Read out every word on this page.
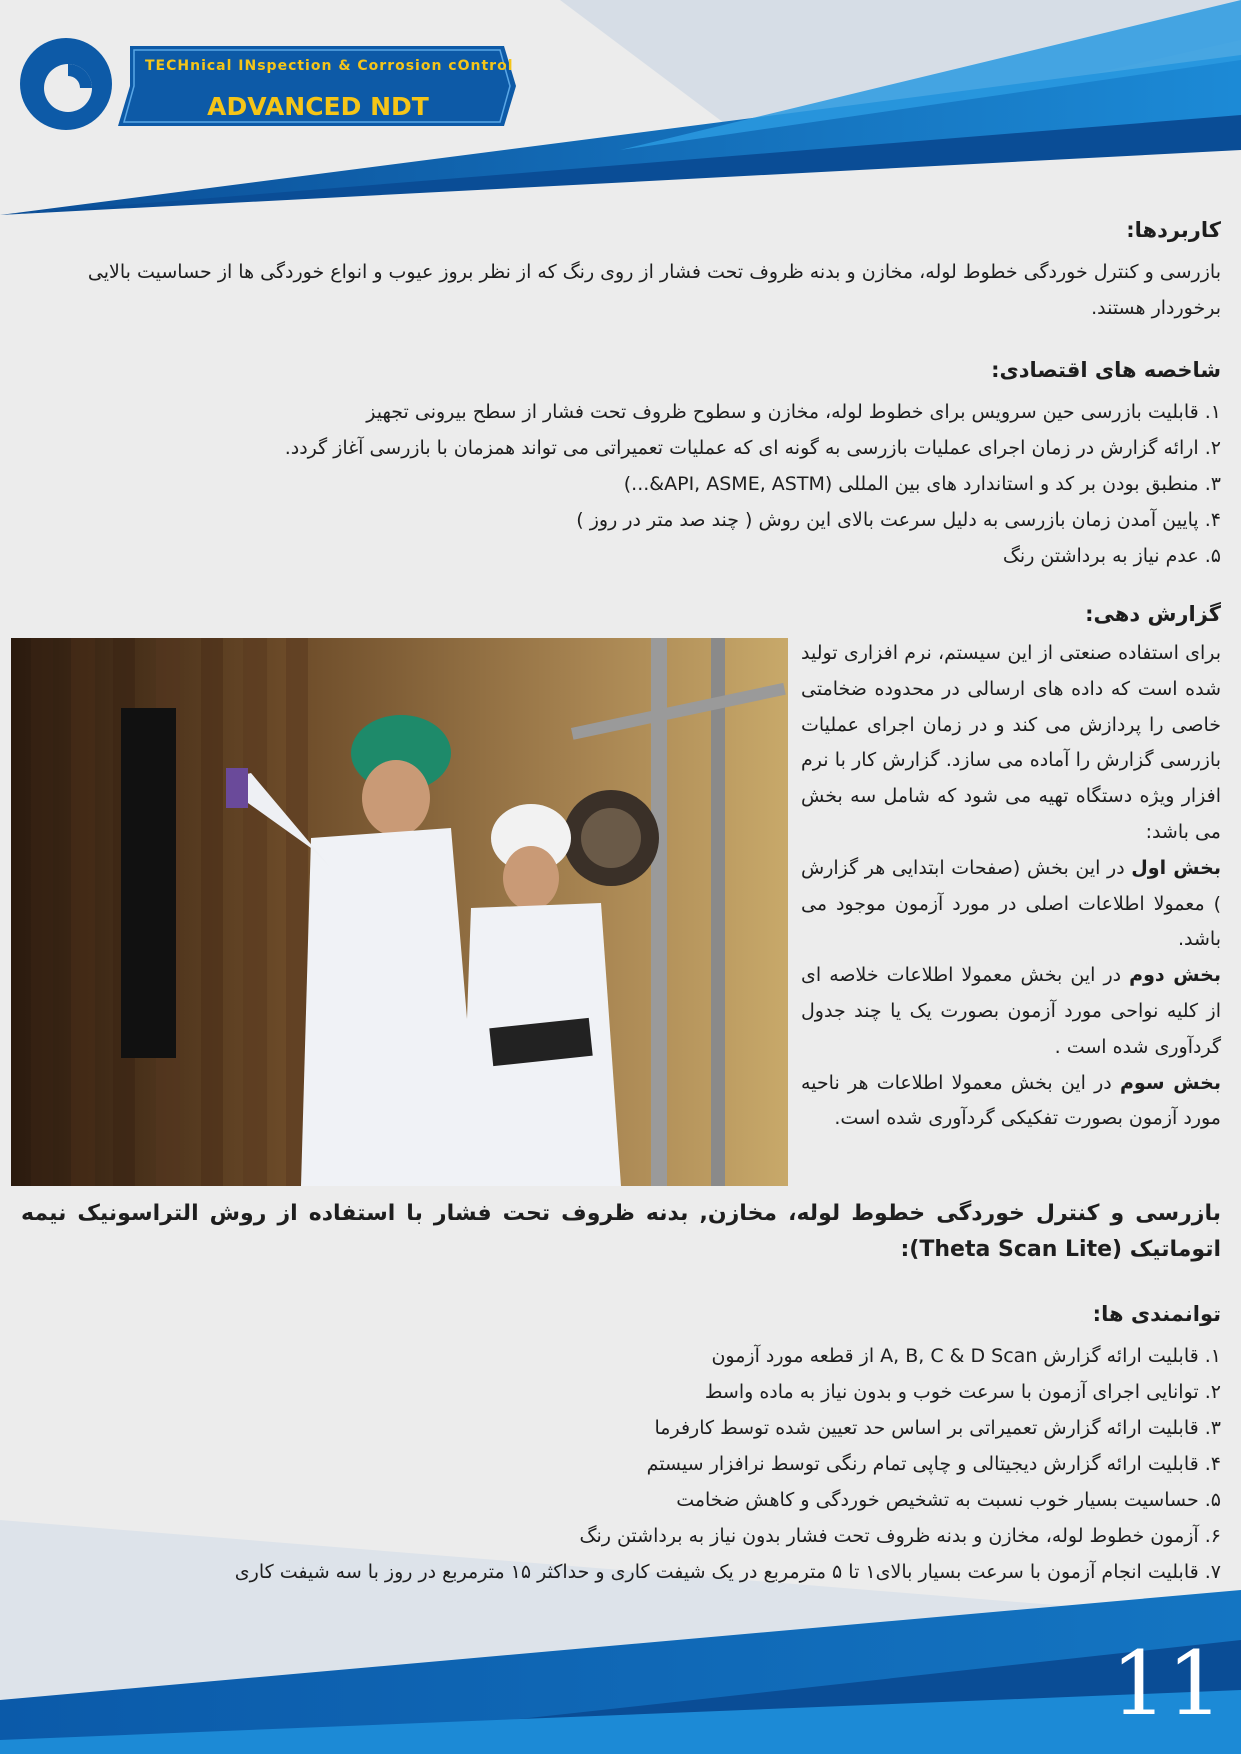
TECHnical INspection & Corrosion cOntrol
ADVANCED NDT
کاربردها:
بازرسی و کنترل خوردگی خطوط لوله، مخازن و بدنه ظروف تحت فشار از روی رنگ که از نظر بروز عیوب و انواع خوردگی ها از حساسیت بالایی برخوردار هستند.
شاخصه های اقتصادی:
۱. قابلیت بازرسی حین سرویس برای خطوط لوله، مخازن و سطوح ظروف تحت فشار از سطح بیرونی تجهیز
۲. ارائه گزارش در زمان اجرای عملیات بازرسی به گونه ای که عملیات تعمیراتی می تواند همزمان با بازرسی آغاز گردد.
۳. منطبق بودن بر کد و استاندارد های بین المللی (API, ASME, ASTM&...)
۴. پایین آمدن زمان بازرسی به دلیل سرعت بالای این روش ( چند صد متر در روز )
۵. عدم نیاز به برداشتن رنگ
گزارش دهی:
برای استفاده صنعتی از این سیستم، نرم افزاری تولید شده است که داده های ارسالی در محدوده ضخامتی خاصی را پردازش می کند و در زمان اجرای عملیات بازرسی گزارش را آماده می سازد. گزارش کار با نرم افزار ویژه دستگاه تهیه می شود که شامل سه بخش می باشد:
بخش اول در این بخش (صفحات ابتدایی هر گزارش ) معمولا اطلاعات اصلی در مورد آزمون موجود می باشد.
بخش دوم در این بخش معمولا اطلاعات خلاصه ای از کلیه نواحی مورد آزمون بصورت یک یا چند جدول گردآوری شده است .
بخش سوم در این بخش معمولا اطلاعات هر ناحیه مورد آزمون بصورت تفکیکی گردآوری شده است.
بازرسی و کنترل خوردگی خطوط لوله، مخازن, بدنه ظروف تحت فشار با استفاده از روش التراسونیک نیمه اتوماتیک (Theta Scan Lite):
توانمندی ها:
۱. قابلیت ارائه گزارش A, B, C & D Scan از قطعه مورد آزمون
۲. توانایی اجرای آزمون با سرعت خوب و بدون نیاز به ماده واسط
۳. قابلیت ارائه گزارش تعمیراتی بر اساس حد تعیین شده توسط کارفرما
۴. قابلیت ارائه گزارش دیجیتالی و چاپی تمام رنگی توسط نرافزار سیستم
۵. حساسیت بسیار خوب نسبت به تشخیص خوردگی و کاهش ضخامت
۶. آزمون خطوط لوله، مخازن و بدنه ظروف تحت فشار بدون نیاز به برداشتن رنگ
۷. قابلیت انجام آزمون با سرعت بسیار بالای۱ تا ۵ مترمربع در یک شیفت کاری و حداکثر ۱۵ مترمربع در روز با سه شیفت کاری
11
